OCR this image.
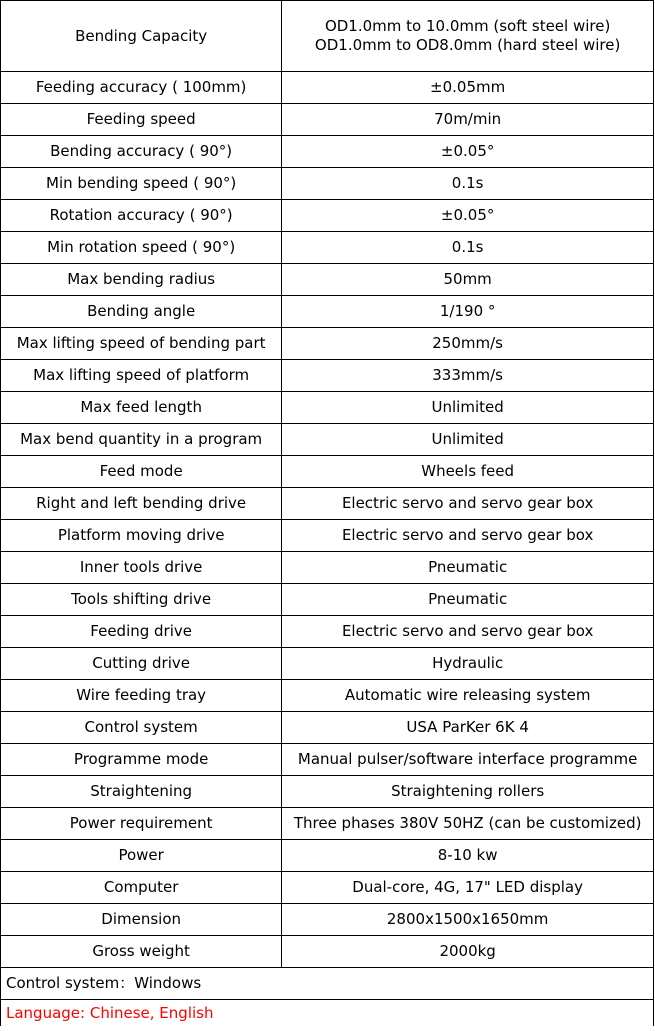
Bending Capacity	OD1.0mm to 10.0mm (soft steel wire)
OD1.0mm to OD8.0mm (hard steel wire)

Feeding accuracy ( 100mm)	±0.05mm
Feeding speed	70m/min
Bending accuracy ( 90°)	±0.05°
Min bending speed ( 90°)	0.1s
Rotation accuracy ( 90°)	±0.05°
Min rotation speed ( 90°)	0.1s
Max bending radius	50mm
Bending angle	1/190 °
Max lifting speed of bending part	250mm/s
Max lifting speed of platform	333mm/s
Max feed length	Unlimited
Max bend quantity in a program	Unlimited
Feed mode	Wheels feed
Right and left bending drive	Electric servo and servo gear box
Platform moving drive	Electric servo and servo gear box
Inner tools drive	Pneumatic
Tools shifting drive	Pneumatic
Feeding drive	Electric servo and servo gear box
Cutting drive	Hydraulic
Wire feeding tray	Automatic wire releasing system
Control system	USA ParKer 6K 4
Programme mode	Manual pulser/software interface programme
Straightening	Straightening rollers
Power requirement	Three phases 380V 50HZ (can be customized)
Power	8-10 kw
Computer	Dual-core, 4G, 17" LED display
Dimension	2800x1500x1650mm
Gross weight	2000kg
Control system：Windows	
Language: Chinese, English	
